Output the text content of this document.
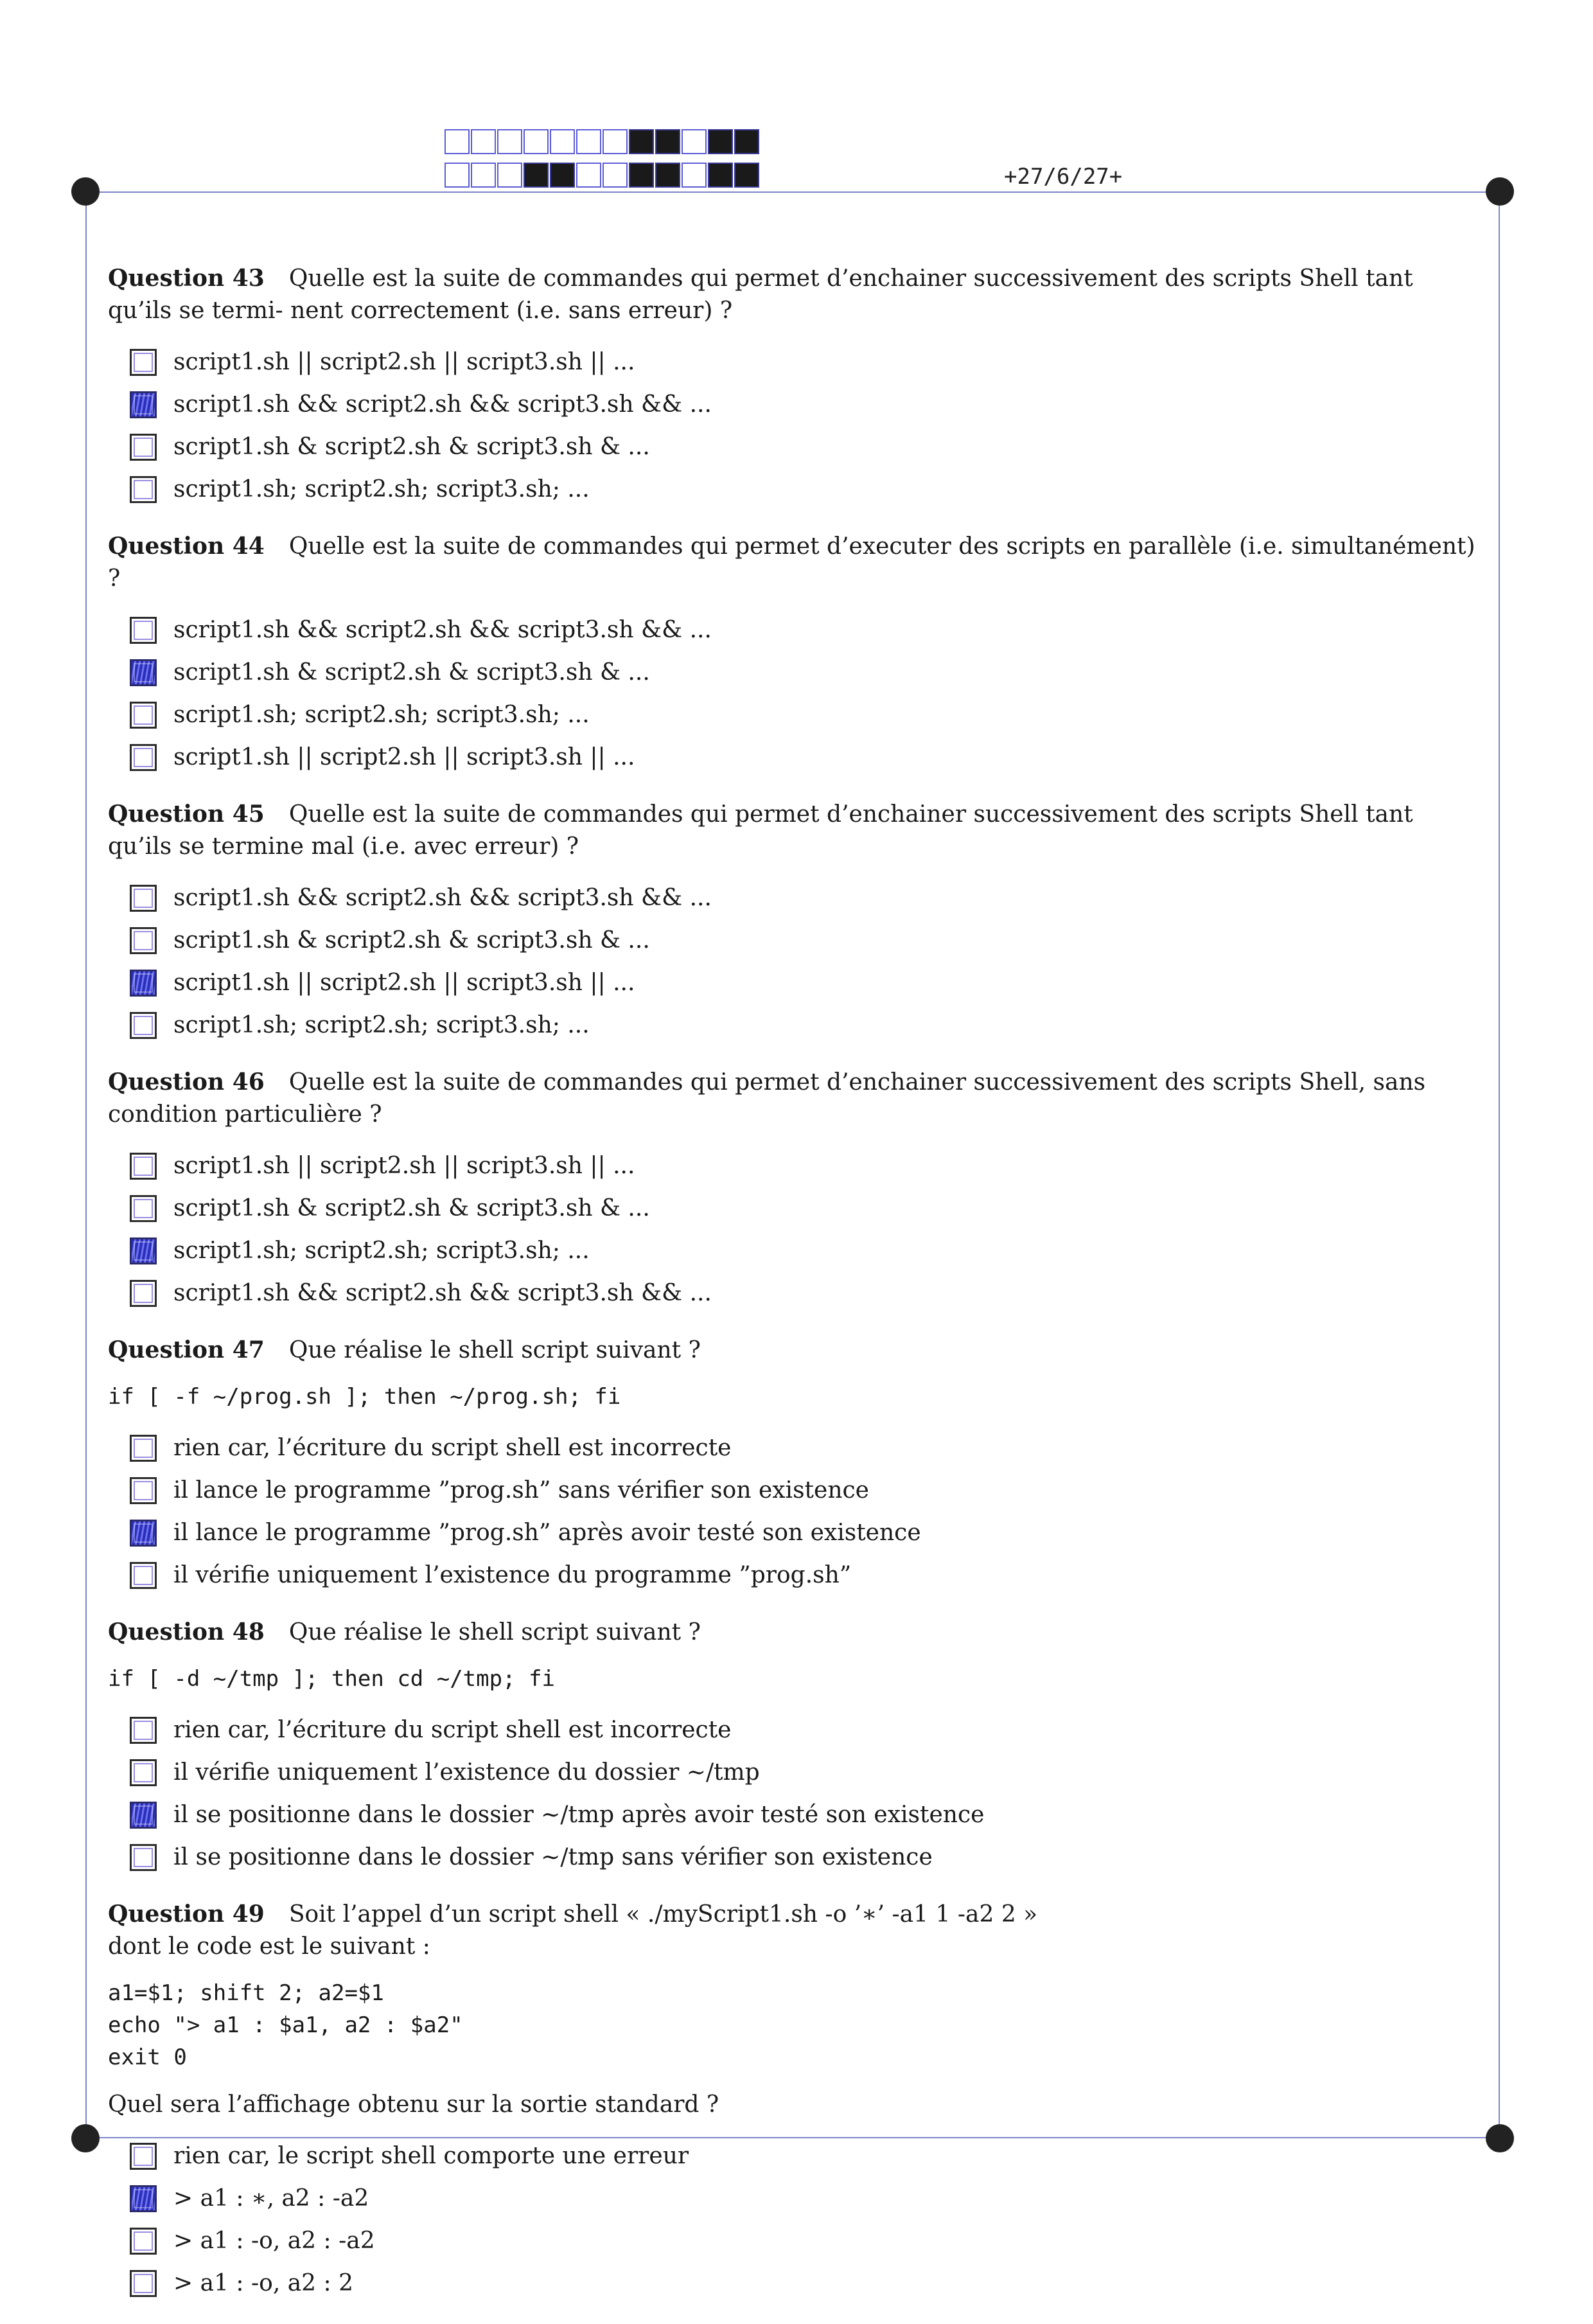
+27/6/27+
Question 43 Quelle est la suite de commandes qui permet d’enchainer successivement des scripts Shell tant qu’ils se termi- nent correctement (i.e. sans erreur) ?
script1.sh || script2.sh || script3.sh || ...
script1.sh && script2.sh && script3.sh && ...
script1.sh & script2.sh & script3.sh & ...
script1.sh; script2.sh; script3.sh; ...
Question 44 Quelle est la suite de commandes qui permet d’executer des scripts en parallèle (i.e. simultanément) ?
script1.sh && script2.sh && script3.sh && ...
script1.sh & script2.sh & script3.sh & ...
script1.sh; script2.sh; script3.sh; ...
script1.sh || script2.sh || script3.sh || ...
Question 45 Quelle est la suite de commandes qui permet d’enchainer successivement des scripts Shell tant qu’ils se termine mal (i.e. avec erreur) ?
script1.sh && script2.sh && script3.sh && ...
script1.sh & script2.sh & script3.sh & ...
script1.sh || script2.sh || script3.sh || ...
script1.sh; script2.sh; script3.sh; ...
Question 46 Quelle est la suite de commandes qui permet d’enchainer successivement des scripts Shell, sans condition particulière ?
script1.sh || script2.sh || script3.sh || ...
script1.sh & script2.sh & script3.sh & ...
script1.sh; script2.sh; script3.sh; ...
script1.sh && script2.sh && script3.sh && ...
Question 47 Que réalise le shell script suivant ?
if [ -f ~/prog.sh ]; then ~/prog.sh; fi
rien car, l’écriture du script shell est incorrecte
il lance le programme ”prog.sh” sans vérifier son existence
il lance le programme ”prog.sh” après avoir testé son existence
il vérifie uniquement l’existence du programme ”prog.sh”
Question 48 Que réalise le shell script suivant ?
if [ -d ~/tmp ]; then cd ~/tmp; fi
rien car, l’écriture du script shell est incorrecte
il vérifie uniquement l’existence du dossier ∼/tmp
il se positionne dans le dossier ∼/tmp après avoir testé son existence
il se positionne dans le dossier ∼/tmp sans vérifier son existence
Question 49 Soit l’appel d’un script shell « ./myScript1.sh -o ’∗’ -a1 1 -a2 2 »
dont le code est le suivant :
a1=$1; shift 2; a2=$1
echo "> a1 : $a1, a2 : $a2"
exit 0
Quel sera l’affichage obtenu sur la sortie standard ?
rien car, le script shell comporte une erreur
> a1 : ∗, a2 : -a2
> a1 : -o, a2 : -a2
> a1 : -o, a2 : 2
